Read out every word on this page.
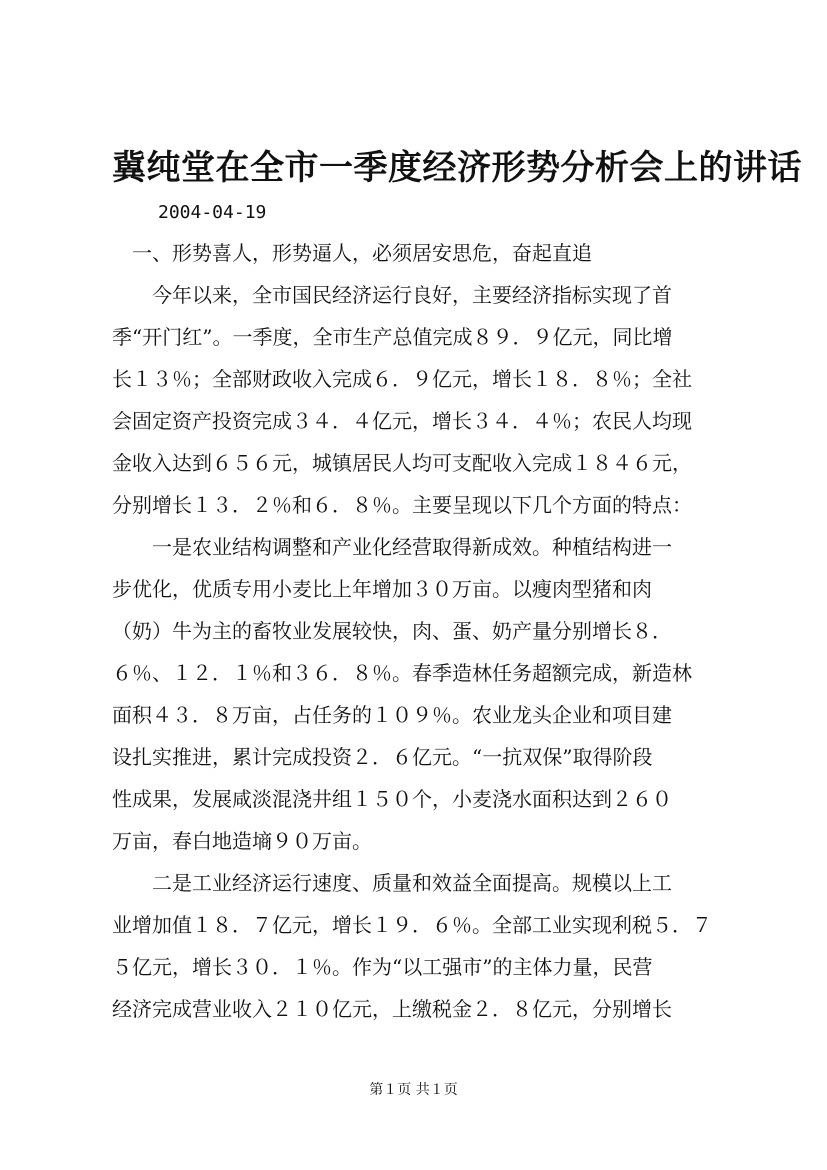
冀纯堂在全市一季度经济形势分析会上的讲话
2004-04-19
　一、形势喜人，形势逼人，必须居安思危，奋起直追
　　今年以来，全市国民经济运行良好，主要经济指标实现了首
季“开门红”。一季度，全市生产总值完成８９．９亿元，同比增
长１３％；全部财政收入完成６．９亿元，增长１８．８％；全社
会固定资产投资完成３４．４亿元，增长３４．４％；农民人均现
金收入达到６５６元，城镇居民人均可支配收入完成１８４６元，
分别增长１３．２％和６．８％。主要呈现以下几个方面的特点：
　　一是农业结构调整和产业化经营取得新成效。种植结构进一
步优化，优质专用小麦比上年增加３０万亩。以瘦肉型猪和肉
（奶）牛为主的畜牧业发展较快，肉、蛋、奶产量分别增长８．
６％、１２．１％和３６．８％。春季造林任务超额完成，新造林
面积４３．８万亩，占任务的１０９％。农业龙头企业和项目建
设扎实推进，累计完成投资２．６亿元。“一抗双保”取得阶段
性成果，发展咸淡混浇井组１５０个，小麦浇水面积达到２６０
万亩，春白地造墒９０万亩。
　　二是工业经济运行速度、质量和效益全面提高。规模以上工
业增加值１８．７亿元，增长１９．６％。全部工业实现利税５．７
５亿元，增长３０．１％。作为“以工强市”的主体力量，民营
经济完成营业收入２１０亿元，上缴税金２．８亿元，分别增长
第１页 共１页
